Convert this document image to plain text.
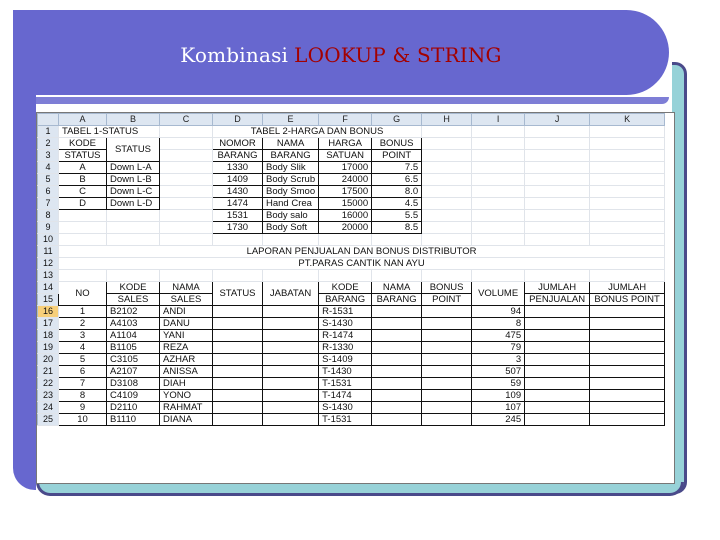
Kombinasi LOOKUP & STRING
	A	B	C	D	E	F	G	H	I	J	K
1	TABEL 1-STATUS			TABEL 2-HARGA DAN BONUS							
2	KODE	STATUS		NOMOR	NAMA	HARGA	BONUS				
3	STATUS			BARANG	BARANG	SATUAN	POINT				
4	A	Down L-A		1330	Body Slik	17000	7.5				
5	B	Down L-B		1409	Body Scrub	24000	6.5				
6	C	Down L-C		1430	Body Smoo	17500	8.0				
7	D	Down L-D		1474	Hand Crea	15000	4.5				
8				1531	Body salo	16000	5.5				
9				1730	Body Soft	20000	8.5				
10											
11	LAPORAN PENJUALAN DAN BONUS DISTRIBUTOR										
12	PT.PARAS CANTIK NAN AYU										
13											
14	NO	KODE	NAMA	STATUS	JABATAN	KODE	NAMA	BONUS	VOLUME	JUMLAH	JUMLAH
15		SALES	SALES			BARANG	BARANG	POINT		PENJUALAN	BONUS POINT
16	1	B2102	ANDI			R-1531			94		
17	2	A4103	DANU			S-1430			8		
18	3	A1104	YANI			R-1474			475		
19	4	B1105	REZA			R-1330			79		
20	5	C3105	AZHAR			S-1409			3		
21	6	A2107	ANISSA			T-1430			507		
22	7	D3108	DIAH			T-1531			59		
23	8	C4109	YONO			T-1474			109		
24	9	D2110	RAHMAT			S-1430			107		
25	10	B1110	DIANA			T-1531			245		
